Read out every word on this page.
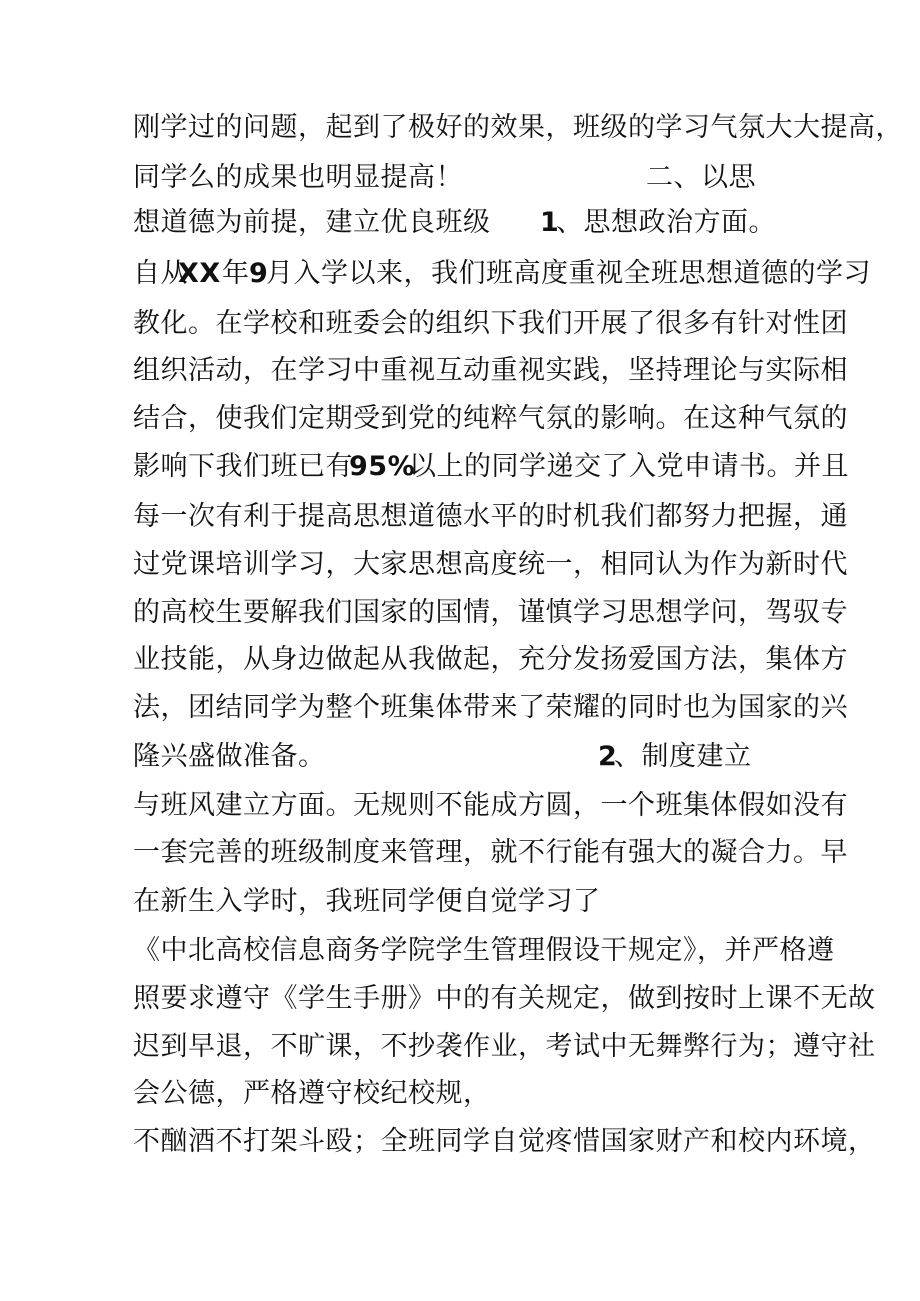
刚学过的问题，起到了极好的效果，班级的学习气氛大大提高，
同学么的成果也明显提高！	二、以思
想道德为前提，建立优良班级 1
、思想政治方面。
自从
XX 年 9
月入学以来，我们班高度重视全班思想道德的学习
教化。在学校和班委会的组织下我们开展了很多有针对性团
组织活动，在学习中重视互动重视实践，坚持理论与实际相
结合，使我们定期受到党的纯粹气氛的影响。在这种气氛的
影响下我们班已有
95%
以上的同学递交了入党申请书。并且
每一次有利于提高思想道德水平的时机我们都努力把握，通
过党课培训学习，大家思想高度统一，相同认为作为新时代
的高校生要解我们国家的国情，谨慎学习思想学问，驾驭专
业技能，从身边做起从我做起，充分发扬爱国方法，集体方
法，团结同学为整个班集体带来了荣耀的同时也为国家的兴
隆兴盛做准备。	2
、制度建立
与班风建立方面。无规则不能成方圆，一个班集体假如没有
一套完善的班级制度来管理，就不行能有强大的凝合力。早
在新生入学时，我班同学便自觉学习了
《中北高校信息商务学院学生管理假设干规定》，并严格遵
照要求遵守《学生手册》中的有关规定，做到按时上课不无故
迟到早退，不旷课，不抄袭作业，考试中无舞弊行为；遵守社
会公德，严格遵守校纪校规，
不酗酒不打架斗殴；全班同学自觉疼惜国家财产和校内环境，
